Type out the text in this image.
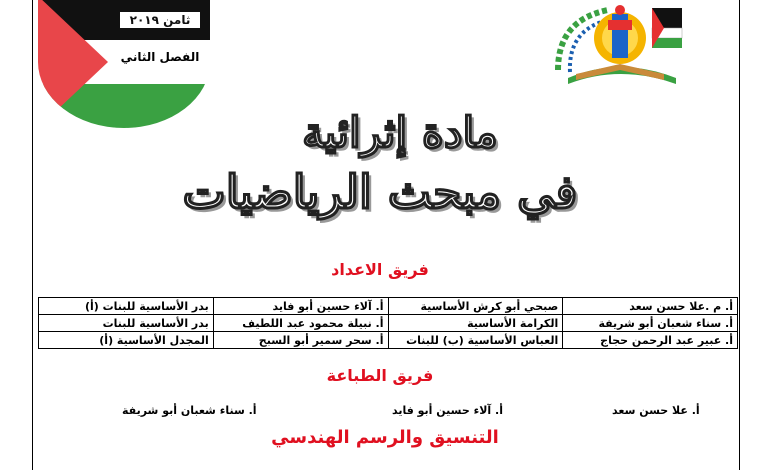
ثامن ٢٠١٩
الفصل الثاني
مادة إثرائية
في مبحث الرياضيات
فريق الاعداد
أ. م .علا حسن سعد	صبحي أبو كرش الأساسية	أ. آلاء حسين أبو فايد	بدر الأساسية للبنات (أ)
أ. سناء شعبان أبو شريفة	الكرامة الأساسية	أ. نبيلة محمود عبد اللطيف	بدر الأساسية للبنات
أ. عبير عبد الرحمن حجاج	العباس الأساسية (ب) للبنات	أ. سحر سمير أبو السبح	المجدل الأساسية (أ)
فريق الطباعة
أ. علا حسن سعد
أ. آلاء حسين أبو فايد
أ. سناء شعبان أبو شريفة
التنسيق والرسم الهندسي
